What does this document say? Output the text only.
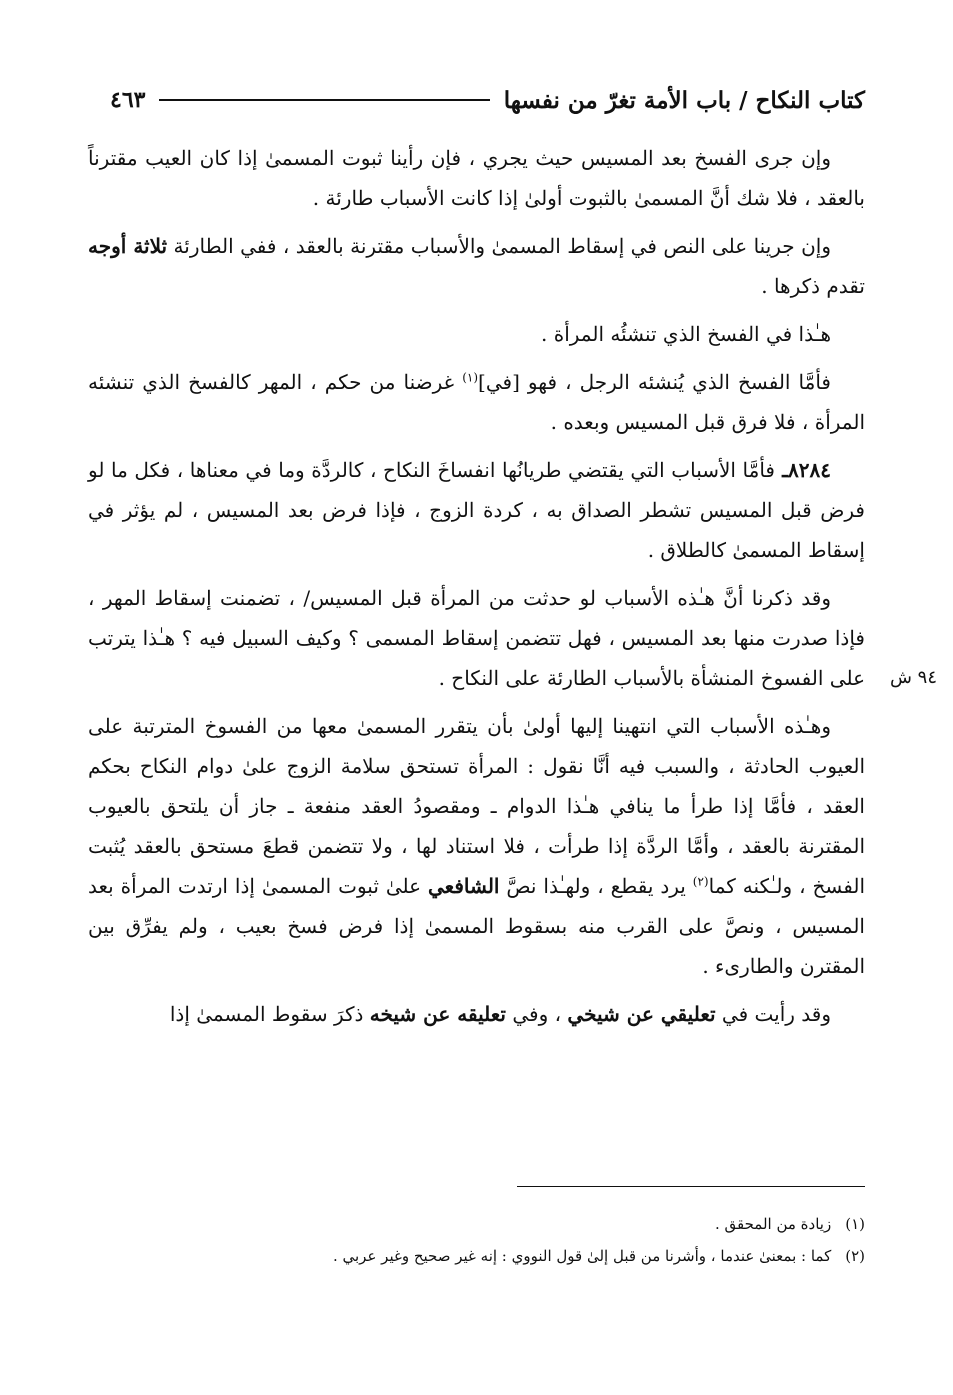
٤٦٣	كتاب النكاح / باب الأمة تغرّ من نفسها

وإن جرى الفسخ بعد المسيس حيث يجري ، فإن رأينا ثبوت المسمىٰ إذا كان العيب مقترناً بالعقد ، فلا شك أنَّ المسمىٰ بالثبوت أولىٰ إذا كانت الأسباب طارئة .

وإن جرينا على النص في إسقاط المسمىٰ والأسباب مقترنة بالعقد ، ففي الطارئة ثلاثة أوجه تقدم ذكرها .

هـٰذا في الفسخ الذي تنشئُه المرأة .

فأمَّا الفسخ الذي يُنشئه الرجل ، فهو [في]$^{(١)}$ غرضنا من حكم ، المهر كالفسخ الذي تنشئه المرأة ، فلا فرق قبل المسيس وبعده .

٨٢٨٤ـ فأمَّا الأسباب التي يقتضي طريانُها انفساخَ النكاح ، كالردَّة وما في معناها ، فكل ما لو فرض قبل المسيس تشطر الصداق به ، كردة الزوج ، فإذا فرض بعد المسيس ، لم يؤثر في إسقاط المسمىٰ كالطلاق .

وقد ذكرنا أنَّ هـٰذه الأسباب لو حدثت من المرأة قبل المسيس/ ، تضمنت إسقاط المهر ، فإذا صدرت منها بعد المسيس ، فهل تتضمن إسقاط المسمى ؟ وكيف السبيل فيه ؟ هـٰذا يترتب على الفسوخ المنشأة بالأسباب الطارئة على النكاح .

وهـٰذه الأسباب التي انتهينا إليها أولىٰ بأن يتقرر المسمىٰ معها من الفسوخ المترتبة على العيوب الحادثة ، والسبب فيه أنَّا نقول : المرأة تستحق سلامة الزوج علىٰ دوام النكاح بحكم العقد ، فأمَّا إذا طرأ ما ينافي هـٰذا الدوام ـ ومقصودُ العقد منفعة ـ جاز أن يلتحق بالعيوب المقترنة بالعقد ، وأمَّا الردَّة إذا طرأت ، فلا استناد لها ، ولا تتضمن قطعَ مستحق بالعقد يُثبت الفسخ ، ولـٰكنه كما$^{(٢)}$ يرد يقطع ، ولهـٰذا نصَّ الشافعي علىٰ ثبوت المسمىٰ إذا ارتدت المرأة بعد المسيس ، ونصَّ على القرب منه بسقوط المسمىٰ إذا فرض فسخ بعيب ، ولم يفرِّق بين المقترن والطارىء .

وقد رأيت في تعليقي عن شيخي ، وفي تعليقه عن شيخه ذكرَ سقوط المسمىٰ إذا

٩٤ ش
(١)
زيادة من المحقق .
(٢)
كما : بمعنىٰ عندما ، وأشرنا من قبل إلىٰ قول النووي : إنه غير صحيح وغير عربي .
